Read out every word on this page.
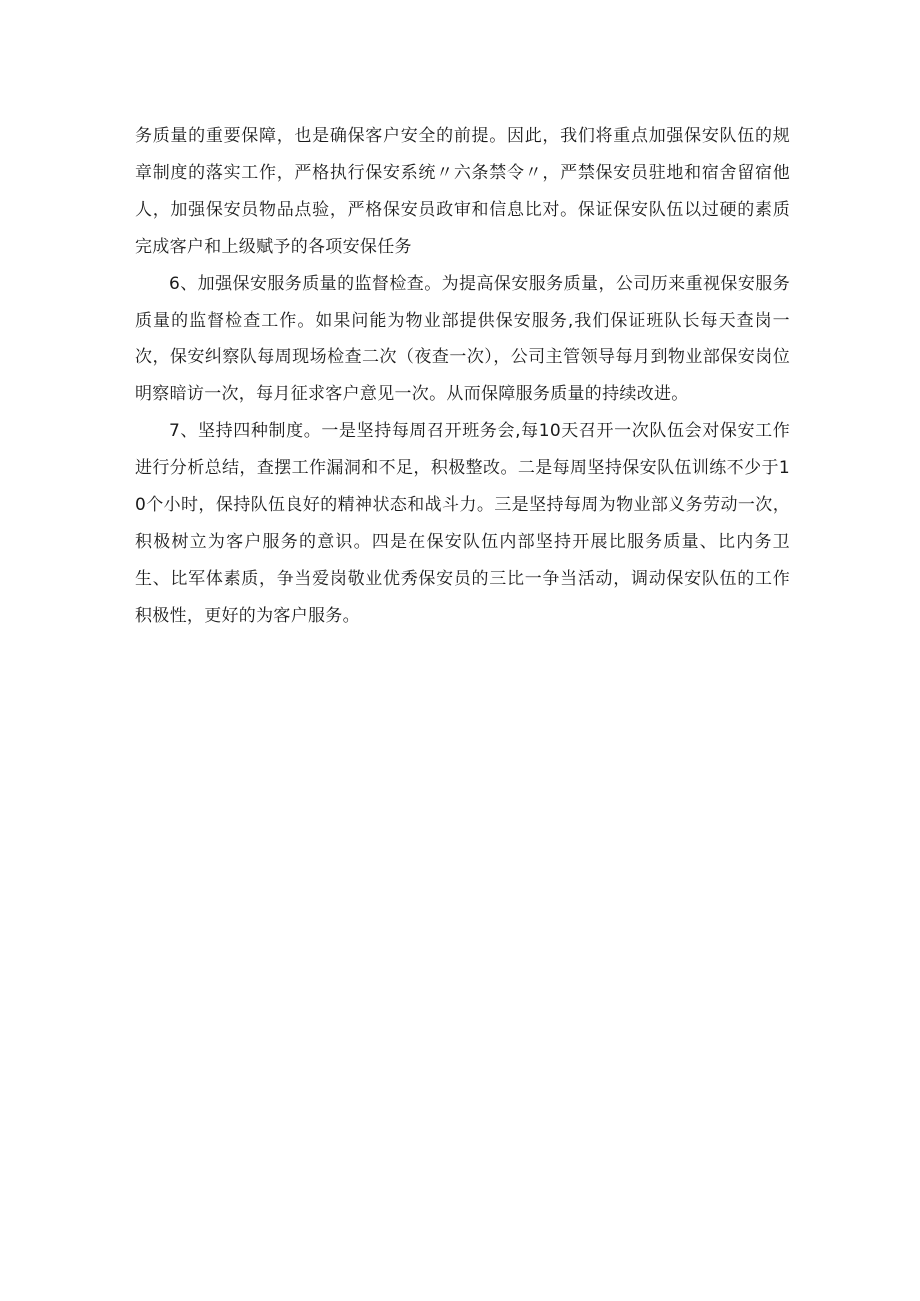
务质量的重要保障，也是确保客户安全的前提。因此，我们将重点加强保安队伍的规章制度的落实工作，严格执行保安系统〃六条禁令〃，严禁保安员驻地和宿舍留宿他人，加强保安员物品点验，严格保安员政审和信息比对。保证保安队伍以过硬的素质完成客户和上级赋予的各项安保任务

6、加强保安服务质量的监督检查。为提高保安服务质量，公司历来重视保安服务质量的监督检查工作。如果问能为物业部提供保安服务,我们保证班队长每天查岗一次，保安纠察队每周现场检查二次（夜查一次），公司主管领导每月到物业部保安岗位明察暗访一次，每月征求客户意见一次。从而保障服务质量的持续改进。

7、坚持四种制度。一是坚持每周召开班务会,每10天召开一次队伍会对保安工作进行分析总结，查摆工作漏洞和不足，积极整改。二是每周坚持保安队伍训练不少于10个小时，保持队伍良好的精神状态和战斗力。三是坚持每周为物业部义务劳动一次，积极树立为客户服务的意识。四是在保安队伍内部坚持开展比服务质量、比内务卫生、比军体素质，争当爱岗敬业优秀保安员的三比一争当活动，调动保安队伍的工作积极性，更好的为客户服务。
